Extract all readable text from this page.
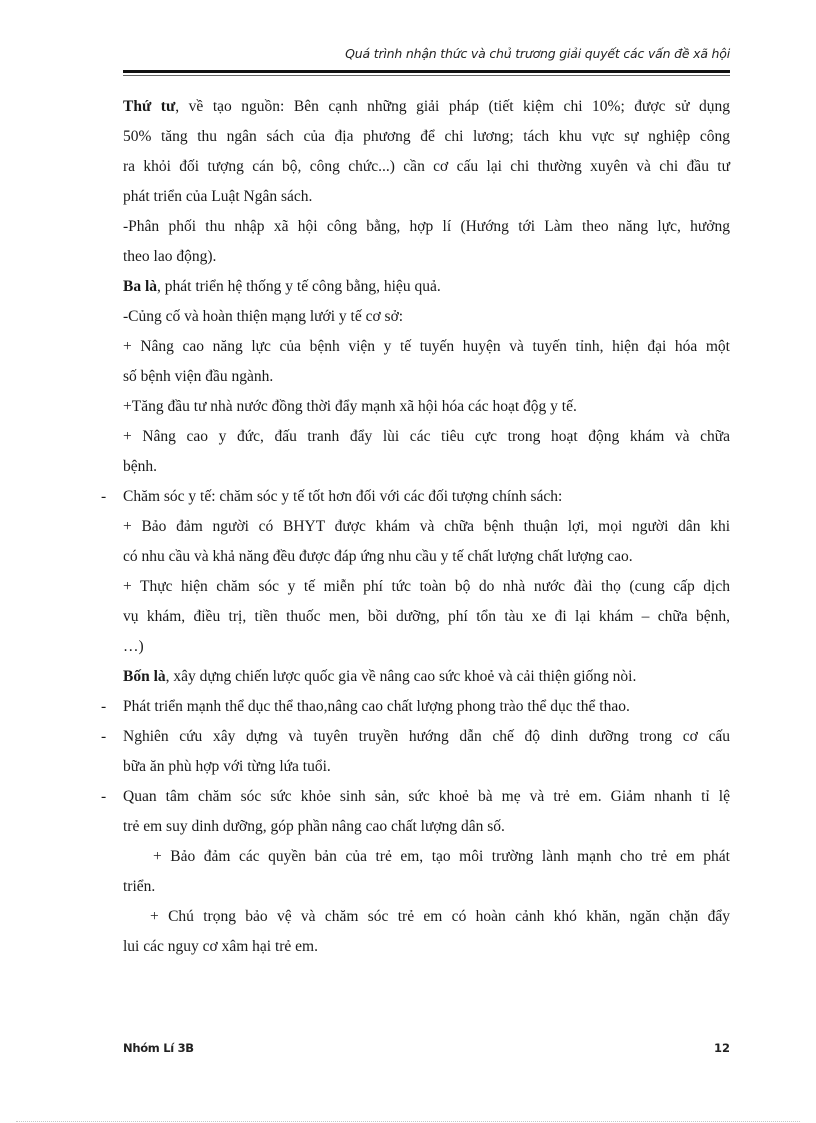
Quá trình nhận thức và chủ trương giải quyết các vấn đề xã hội
Thứ tư, về tạo nguồn: Bên cạnh những giải pháp (tiết kiệm chi 10%; được sử dụng
50% tăng thu ngân sách của địa phương để chi lương; tách khu vực sự nghiệp công
ra khỏi đối tượng cán bộ, công chức...) cần cơ cấu lại chi thường xuyên và chi đầu tư
phát triển của Luật Ngân sách.
-Phân phối thu nhập xã hội công bằng, hợp lí (Hướng tới Làm theo năng lực, hưởng
theo lao động).
Ba là, phát triển hệ thống y tế công bằng, hiệu quả.
-Củng cố và hoàn thiện mạng lưới y tế cơ sở:
+ Nâng cao năng lực của bệnh viện y tế tuyến huyện và tuyến tỉnh, hiện đại hóa một
số bệnh viện đầu ngành.
+Tăng đầu tư nhà nước đồng thời đẩy mạnh xã hội hóa các hoạt độg y tế.
+ Nâng cao y đức, đấu tranh đẩy lùi các tiêu cực trong hoạt động khám và chữa
bệnh.
- Chăm sóc y tế: chăm sóc y tế tốt hơn đối với các đối tượng chính sách:
+ Bảo đảm người có BHYT được khám và chữa bệnh thuận lợi, mọi người dân khi
có nhu cầu và khả năng đều được đáp ứng nhu cầu y tế chất lượng chất lượng cao.
+ Thực hiện chăm sóc y tế miễn phí tức toàn bộ do nhà nước đài thọ (cung cấp dịch
vụ khám, điều trị, tiền thuốc men, bồi dưỡng, phí tổn tàu xe đi lại khám – chữa bệnh,
…)
Bốn là, xây dựng chiến lược quốc gia về nâng cao sức khoẻ và cải thiện giống nòi.
- Phát triển mạnh thể dục thể thao,nâng cao chất lượng phong trào thể dục thể thao.
- Nghiên cứu xây dựng và tuyên truyền hướng dẫn chế độ dinh dưỡng trong cơ cấu
bữa ăn phù hợp với từng lứa tuổi.
- Quan tâm chăm sóc sức khỏe sinh sản, sức khoẻ bà mẹ và trẻ em. Giảm nhanh tỉ lệ
trẻ em suy dinh dưỡng, góp phần nâng cao chất lượng dân số.
+ Bảo đảm các quyền bản của trẻ em, tạo môi trường lành mạnh cho trẻ em phát
triển.
+ Chú trọng bảo vệ và chăm sóc trẻ em có hoàn cảnh khó khăn, ngăn chặn đẩy
lui các nguy cơ xâm hại trẻ em.
Nhóm Lí 3B	12
